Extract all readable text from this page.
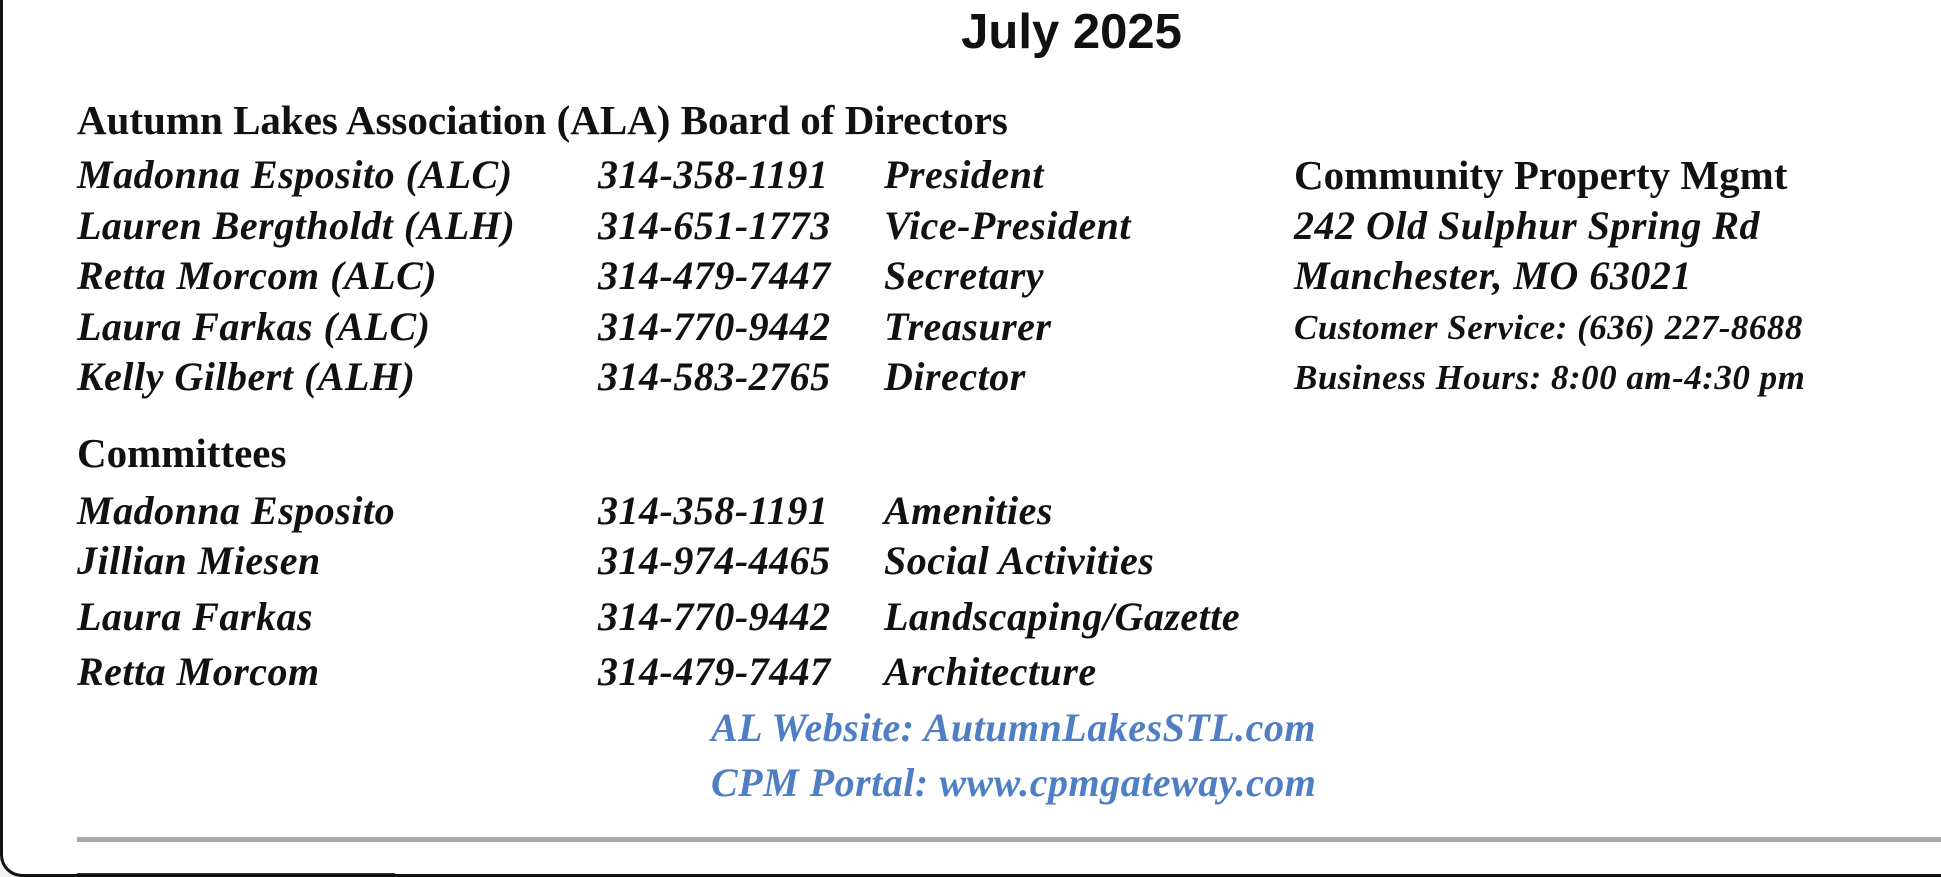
July 2025
Autumn Lakes Association (ALA) Board of Directors
Madonna Esposito (ALC) 314-358-1191 President
Lauren Bergtholdt (ALH) 314-651-1773 Vice-President
Retta Morcom (ALC)	314-479-7447 Secretary
Laura Farkas (ALC)	314-770-9442 Treasurer
Kelly Gilbert (ALH)	314-583-2765 Director
Community Property Mgmt
242 Old Sulphur Spring Rd
Manchester, MO 63021
Customer Service: (636) 227-8688
Business Hours: 8:00 am-4:30 pm
Committees
Madonna Esposito	314-358-1191 Amenities
Jillian Miesen	314-974-4465 Social Activities
Laura Farkas	314-770-9442 Landscaping/Gazette
Retta Morcom	314-479-7447 Architecture
AL Website: AutumnLakesSTL.com
CPM Portal: www.cpmgateway.com
